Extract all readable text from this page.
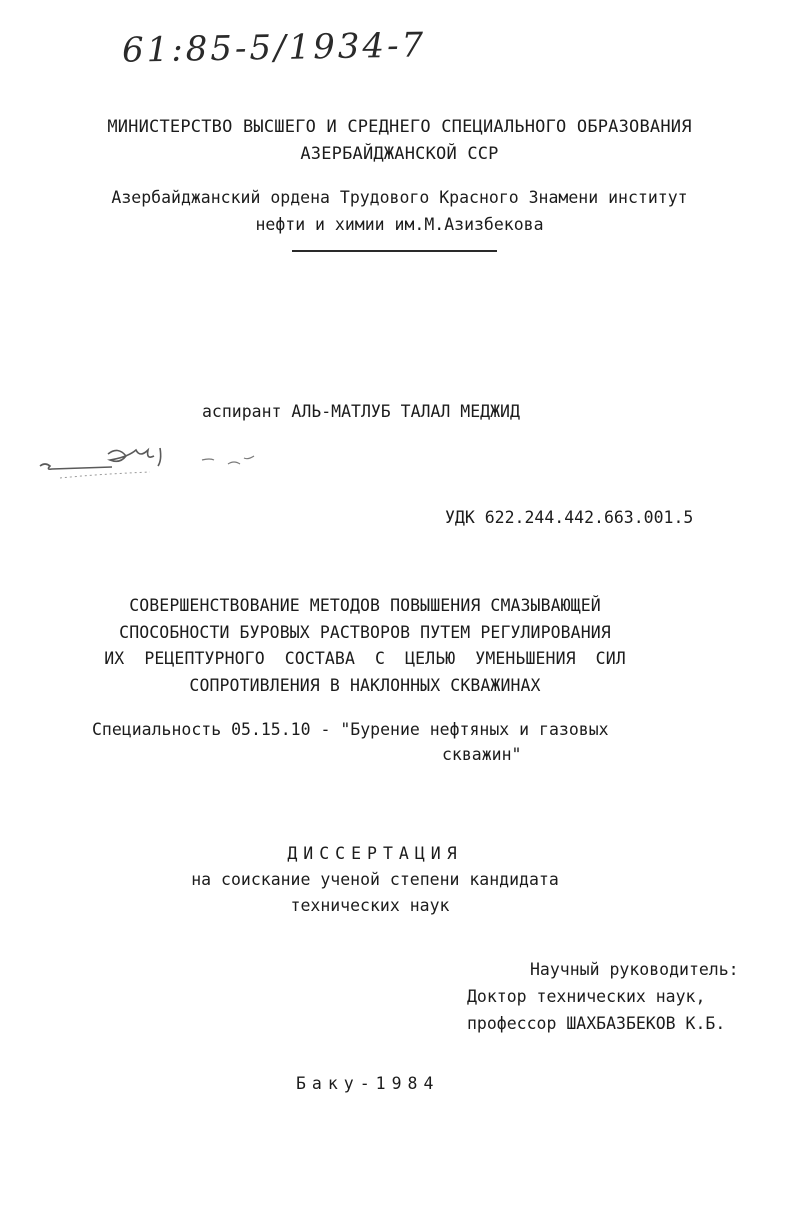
61:85-5/1934-7
МИНИСТЕРСТВО ВЫСШЕГО И СРЕДНЕГО СПЕЦИАЛЬНОГО ОБРАЗОВАНИЯ
АЗЕРБАЙДЖАНСКОЙ ССР
Азербайджанский ордена Трудового Красного Знамени институт
нефти и химии им.М.Азизбекова
аспирант АЛЬ-МАТЛУБ ТАЛАЛ МЕДЖИД
УДК 622.244.442.663.001.5
СОВЕРШЕНСТВОВАНИЕ МЕТОДОВ ПОВЫШЕНИЯ СМАЗЫВАЮЩЕЙ
СПОСОБНОСТИ БУРОВЫХ РАСТВОРОВ ПУТЕМ РЕГУЛИРОВАНИЯ
ИХ РЕЦЕПТУРНОГО СОСТАВА С ЦЕЛЬЮ УМЕНЬШЕНИЯ СИЛ
СОПРОТИВЛЕНИЯ В НАКЛОННЫХ СКВАЖИНАХ
Специальность 05.15.10 - "Бурение нефтяных и газовых
скважин"
ДИССЕРТАЦИЯ
на соискание ученой степени кандидата
технических наук
Научный руководитель:
Доктор технических наук,
профессор ШАХБАЗБЕКОВ К.Б.
Баку-1984
